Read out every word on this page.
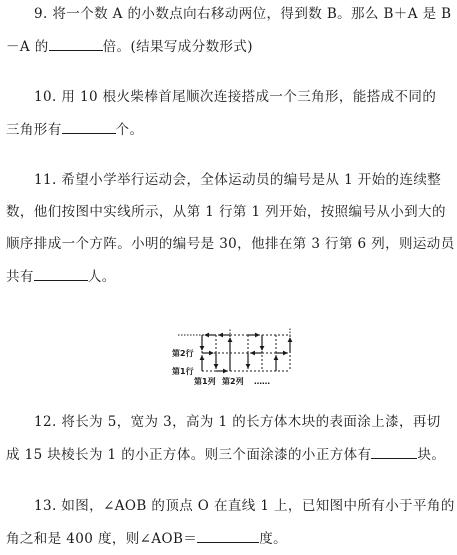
9. 将一个数 A 的小数点向右移动两位，得到数 B。那么 B＋A 是 B
－A 的	倍。(结果写成分数形式)
10. 用 10 根火柴棒首尾顺次连接搭成一个三角形，能搭成不同的
三角形有	个。
11. 希望小学举行运动会，全体运动员的编号是从 1 开始的连续整
数，他们按图中实线所示，从第 1 行第 1 列开始，按照编号从小到大的
顺序排成一个方阵。小明的编号是 30，他排在第 3 行第 6 列，则运动员
共有	人。
第2行
第1行
第1列 第2列 ……
12. 将长为 5，宽为 3，高为 1 的长方体木块的表面涂上漆，再切
成 15 块棱长为 1 的小正方体。则三个面涂漆的小正方体有	块。
13. 如图，∠AOB 的顶点 O 在直线 1 上，已知图中所有小于平角的
角之和是 400 度，则∠AOB＝	度。
